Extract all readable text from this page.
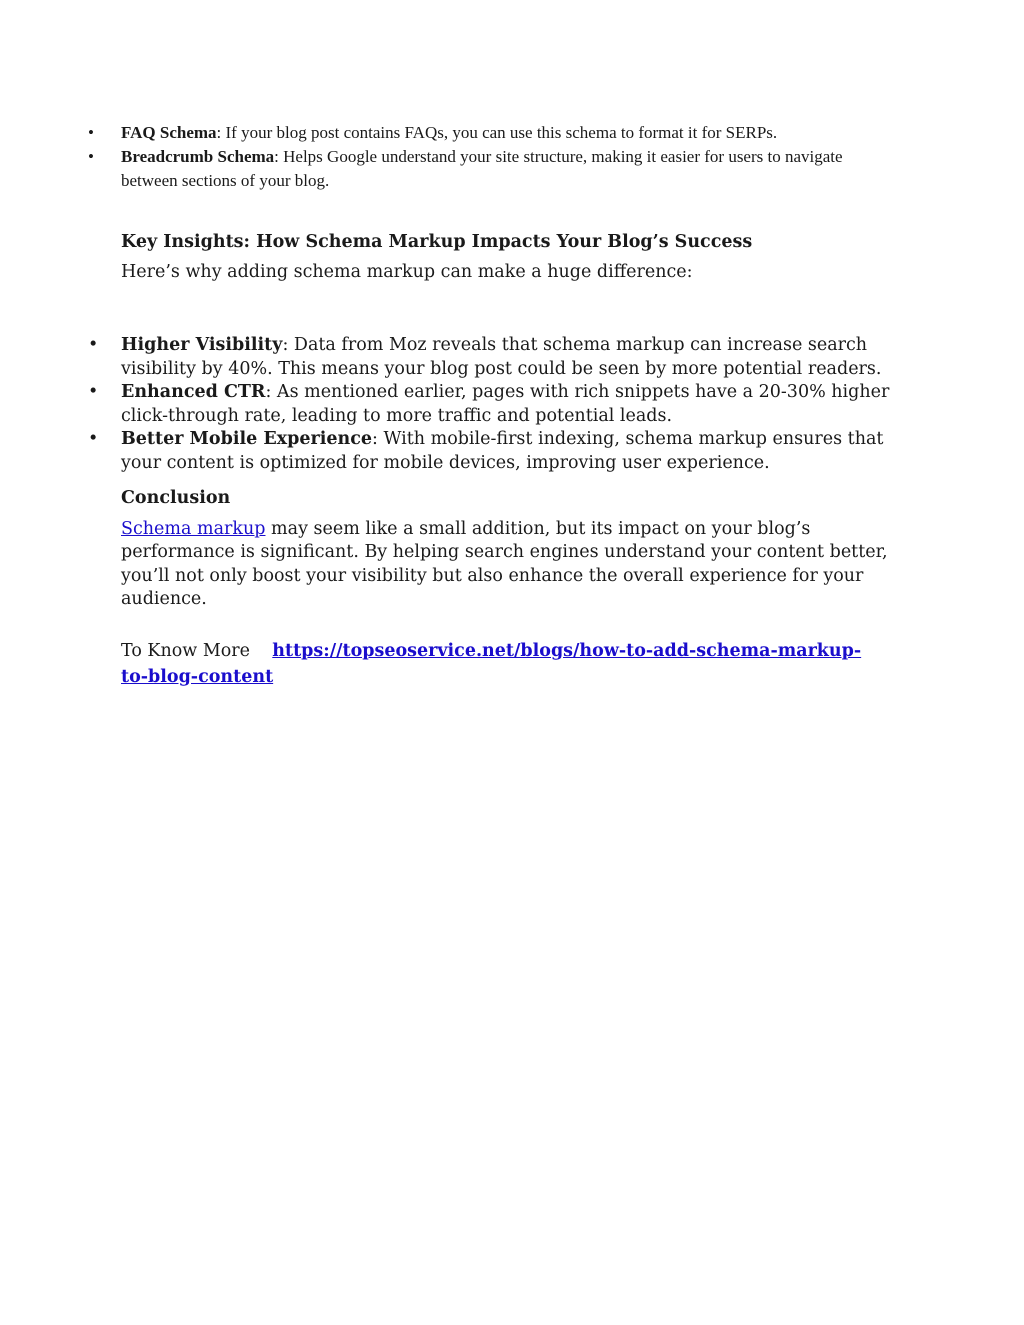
• FAQ Schema: If your blog post contains FAQs, you can use this schema to format it for SERPs.
• Breadcrumb Schema: Helps Google understand your site structure, making it easier for users to navigate between sections of your blog.
Key Insights: How Schema Markup Impacts Your Blog’s Success
Here’s why adding schema markup can make a huge difference:
• Higher Visibility: Data from Moz reveals that schema markup can increase search visibility by 40%. This means your blog post could be seen by more potential readers.
• Enhanced CTR: As mentioned earlier, pages with rich snippets have a 20-30% higher click-through rate, leading to more traffic and potential leads.
• Better Mobile Experience: With mobile-first indexing, schema markup ensures that your content is optimized for mobile devices, improving user experience.
Conclusion
Schema markup may seem like a small addition, but its impact on your blog’s performance is significant. By helping search engines understand your content better, you’ll not only boost your visibility but also enhance the overall experience for your audience.
To Know More https://topseoservice.net/blogs/how-to-add-schema-markup-to-blog-content
